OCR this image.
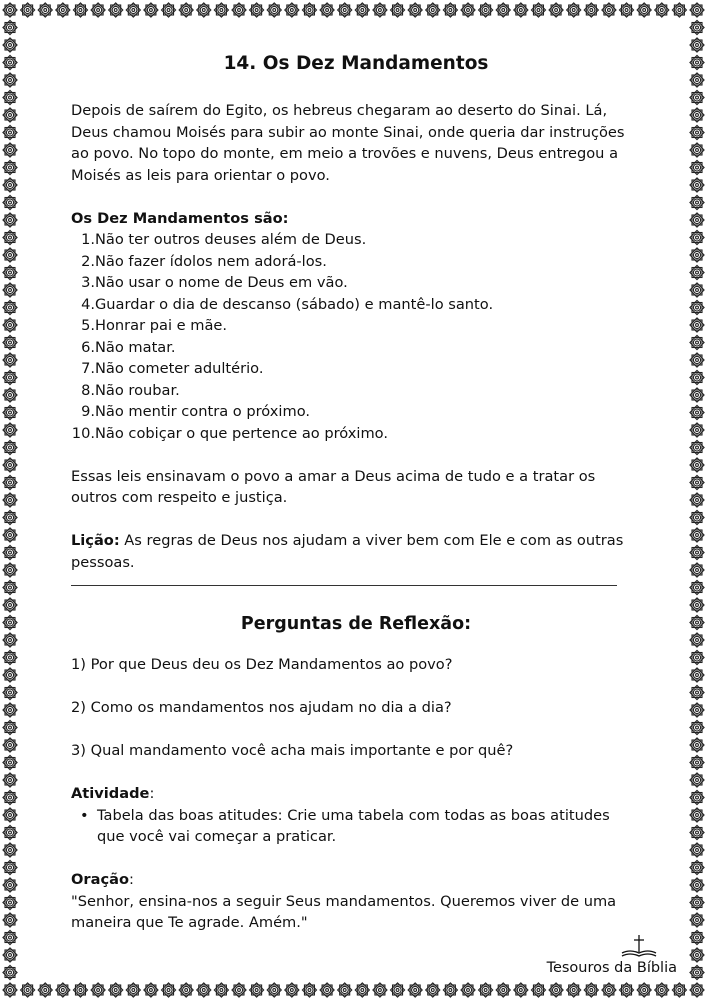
14. Os Dez Mandamentos

Depois de saírem do Egito, os hebreus chegaram ao deserto do Sinai. Lá, Deus chamou Moisés para subir ao monte Sinai, onde queria dar instruções ao povo. No topo do monte, em meio a trovões e nuvens, Deus entregou a Moisés as leis para orientar o povo.

Os Dez Mandamentos são:

1. Não ter outros deuses além de Deus.
2. Não fazer ídolos nem adorá-los.
3. Não usar o nome de Deus em vão.
4. Guardar o dia de descanso (sábado) e mantê-lo santo.
5. Honrar pai e mãe.
6. Não matar.
7. Não cometer adultério.
8. Não roubar.
9. Não mentir contra o próximo.
10. Não cobiçar o que pertence ao próximo.

Essas leis ensinavam o povo a amar a Deus acima de tudo e a tratar os outros com respeito e justiça.

Lição: As regras de Deus nos ajudam a viver bem com Ele e com as outras pessoas.

Perguntas de Reflexão:

1) Por que Deus deu os Dez Mandamentos ao povo?

2) Como os mandamentos nos ajudam no dia a dia?

3) Qual mandamento você acha mais importante e por quê?

Atividade:

• Tabela das boas atitudes: Crie uma tabela com todas as boas atitudes que você vai começar a praticar.

Oração:

"Senhor, ensina-nos a seguir Seus mandamentos. Queremos viver de uma maneira que Te agrade. Amém."

Tesouros da Bíblia
